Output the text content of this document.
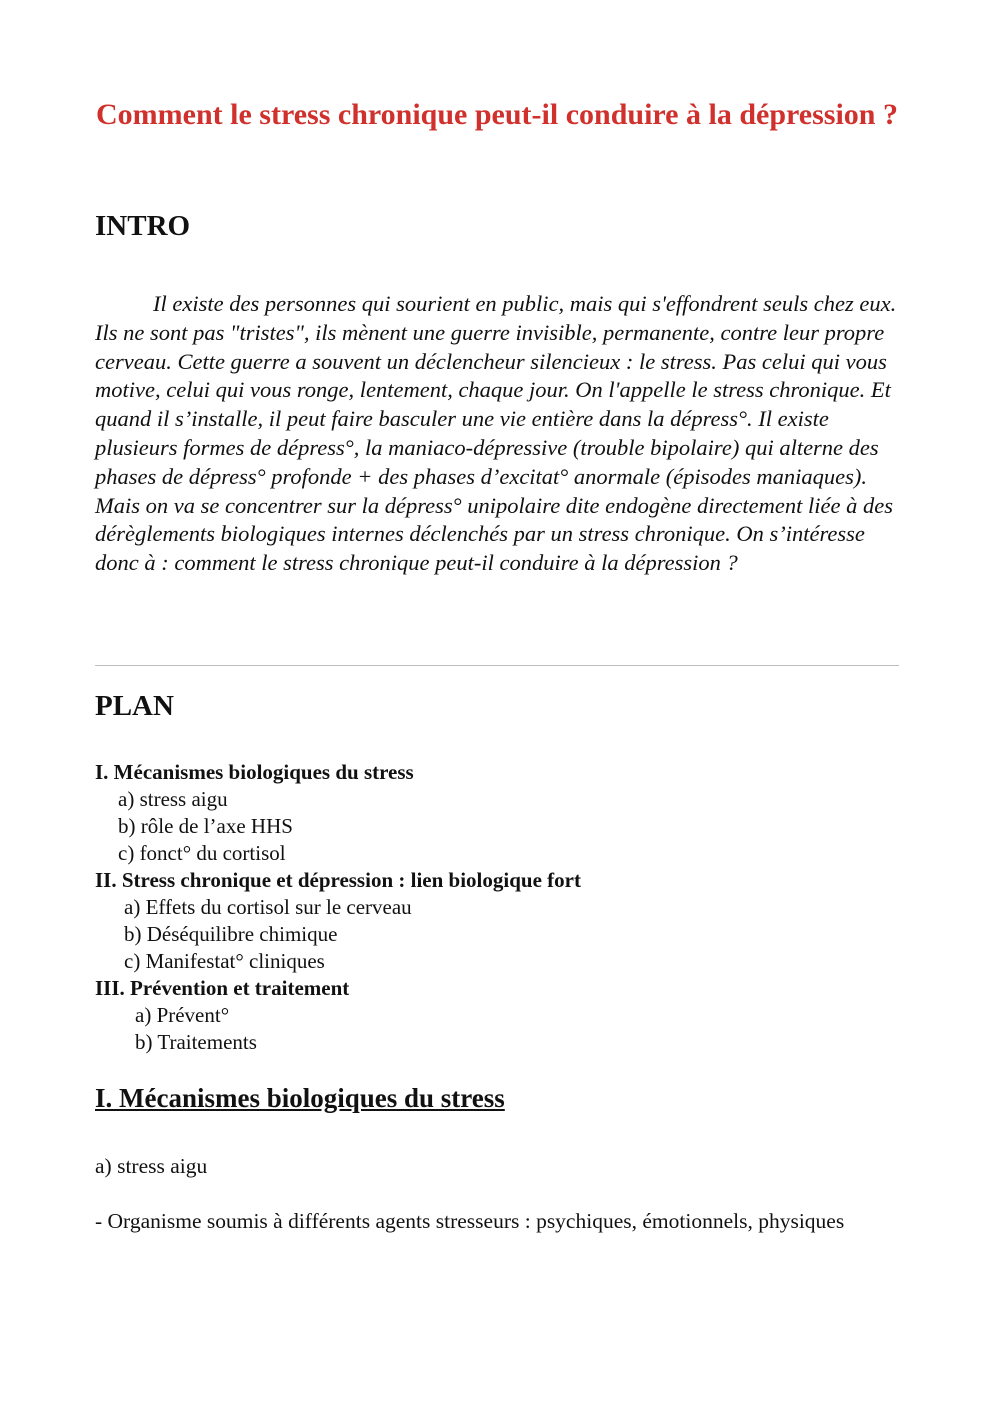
Comment le stress chronique peut-il conduire à la dépression ?
INTRO

Il existe des personnes qui sourient en public, mais qui s'effondrent seuls chez eux. Ils ne sont pas "tristes", ils mènent une guerre invisible, permanente, contre leur propre cerveau. Cette guerre a souvent un déclencheur silencieux : le stress. Pas celui qui vous motive, celui qui vous ronge, lentement, chaque jour. On l'appelle le stress chronique. Et quand il s’installe, il peut faire basculer une vie entière dans la dépress°. Il existe plusieurs formes de dépress°, la maniaco-dépressive (trouble bipolaire) qui alterne des phases de dépress° profonde + des phases d’excitat° anormale (épisodes maniaques). Mais on va se concentrer sur la dépress° unipolaire dite endogène directement liée à des dérèglements biologiques internes déclenchés par un stress chronique. On s’intéresse donc à : comment le stress chronique peut-il conduire à la dépression ?

PLAN
I. Mécanismes biologiques du stress
a) stress aigu
b) rôle de l’axe HHS
c) fonct° du cortisol
II. Stress chronique et dépression : lien biologique fort
a) Effets du cortisol sur le cerveau
b) Déséquilibre chimique
c) Manifestat° cliniques
III. Prévention et traitement
a) Prévent°
b) Traitements
I. Mécanismes biologiques du stress

a) stress aigu

- Organisme soumis à différents agents stresseurs : psychiques, émotionnels, physiques
